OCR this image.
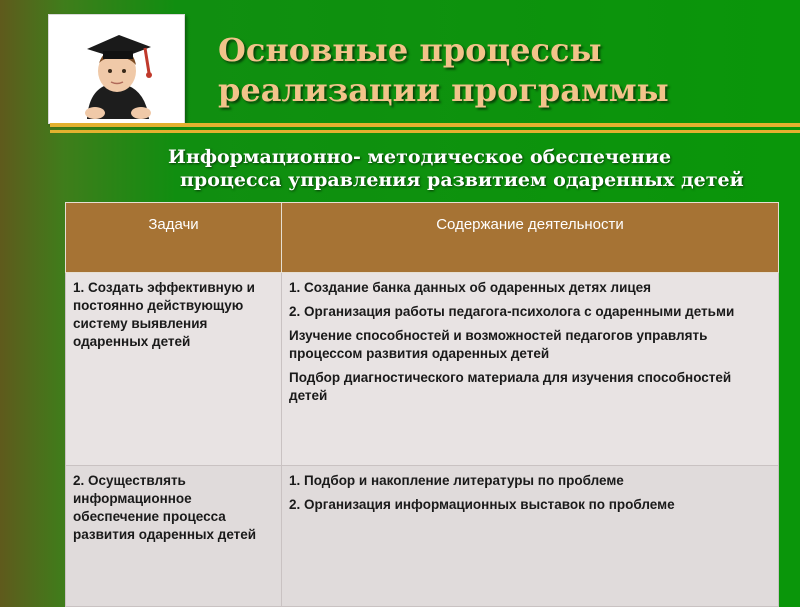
Основные процессы
реализации программы
Информационно- методическое обеспечение
процесса управления развитием одаренных детей
Задачи	Содержание деятельности
1. Создать эффективную и постоянно действующую систему выявления одаренных детей	1. Создание банка данных об одаренных детях лицея

2. Организация работы педагога-психолога с одаренными детьми

Изучение способностей и возможностей педагогов управлять процессом развития одаренных детей

Подбор диагностического материала для изучения способностей детей

2. Осуществлять информационное обеспечение процесса развития одаренных детей	1. Подбор и накопление литературы по проблеме

2. Организация информационных выставок по проблеме
